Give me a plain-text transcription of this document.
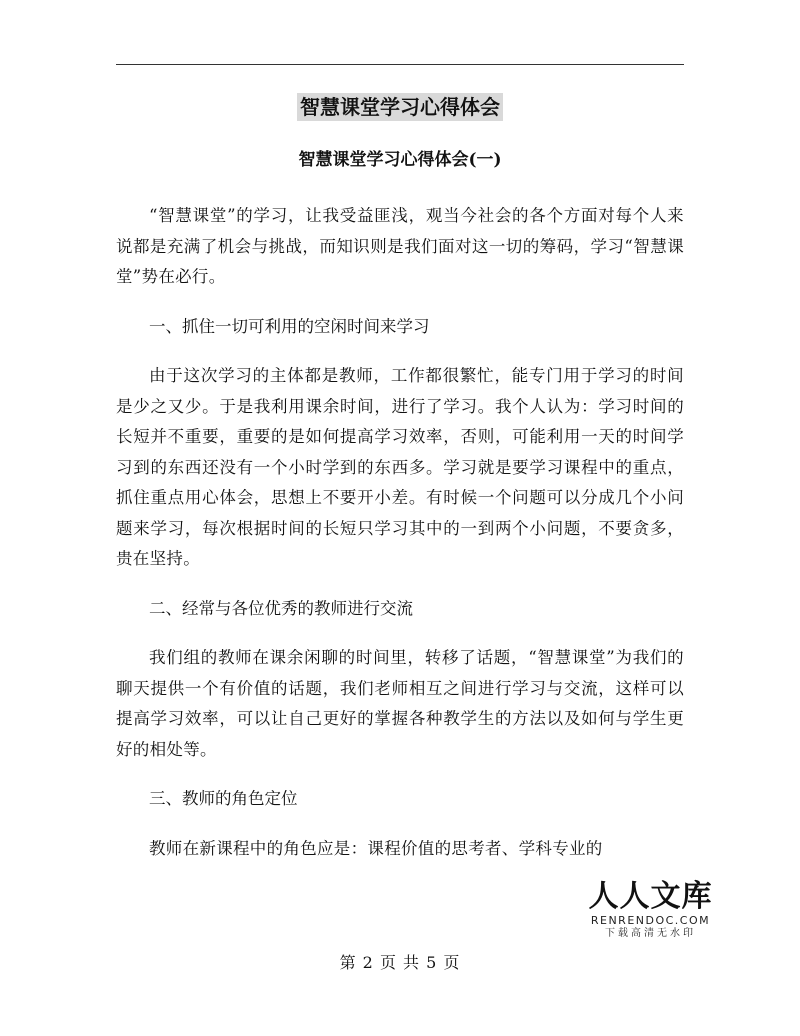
智慧课堂学习心得体会
智慧课堂学习心得体会(一)

“智慧课堂”的学习，让我受益匪浅，观当今社会的各个方面对每个人来说都是充满了机会与挑战，而知识则是我们面对这一切的筹码，学习“智慧课堂”势在必行。

一、抓住一切可利用的空闲时间来学习

由于这次学习的主体都是教师，工作都很繁忙，能专门用于学习的时间是少之又少。于是我利用课余时间，进行了学习。我个人认为：学习时间的长短并不重要，重要的是如何提高学习效率，否则，可能利用一天的时间学习到的东西还没有一个小时学到的东西多。学习就是要学习课程中的重点，抓住重点用心体会，思想上不要开小差。有时候一个问题可以分成几个小问题来学习，每次根据时间的长短只学习其中的一到两个小问题，不要贪多，贵在坚持。

二、经常与各位优秀的教师进行交流

我们组的教师在课余闲聊的时间里，转移了话题，“智慧课堂”为我们的聊天提供一个有价值的话题，我们老师相互之间进行学习与交流，这样可以提高学习效率，可以让自己更好的掌握各种教学生的方法以及如何与学生更好的相处等。

三、教师的角色定位

教师在新课程中的角色应是：课程价值的思考者、学科专业的

人人文库
RENRENDOC.COM
下载高清无水印
第 2 页 共 5 页
